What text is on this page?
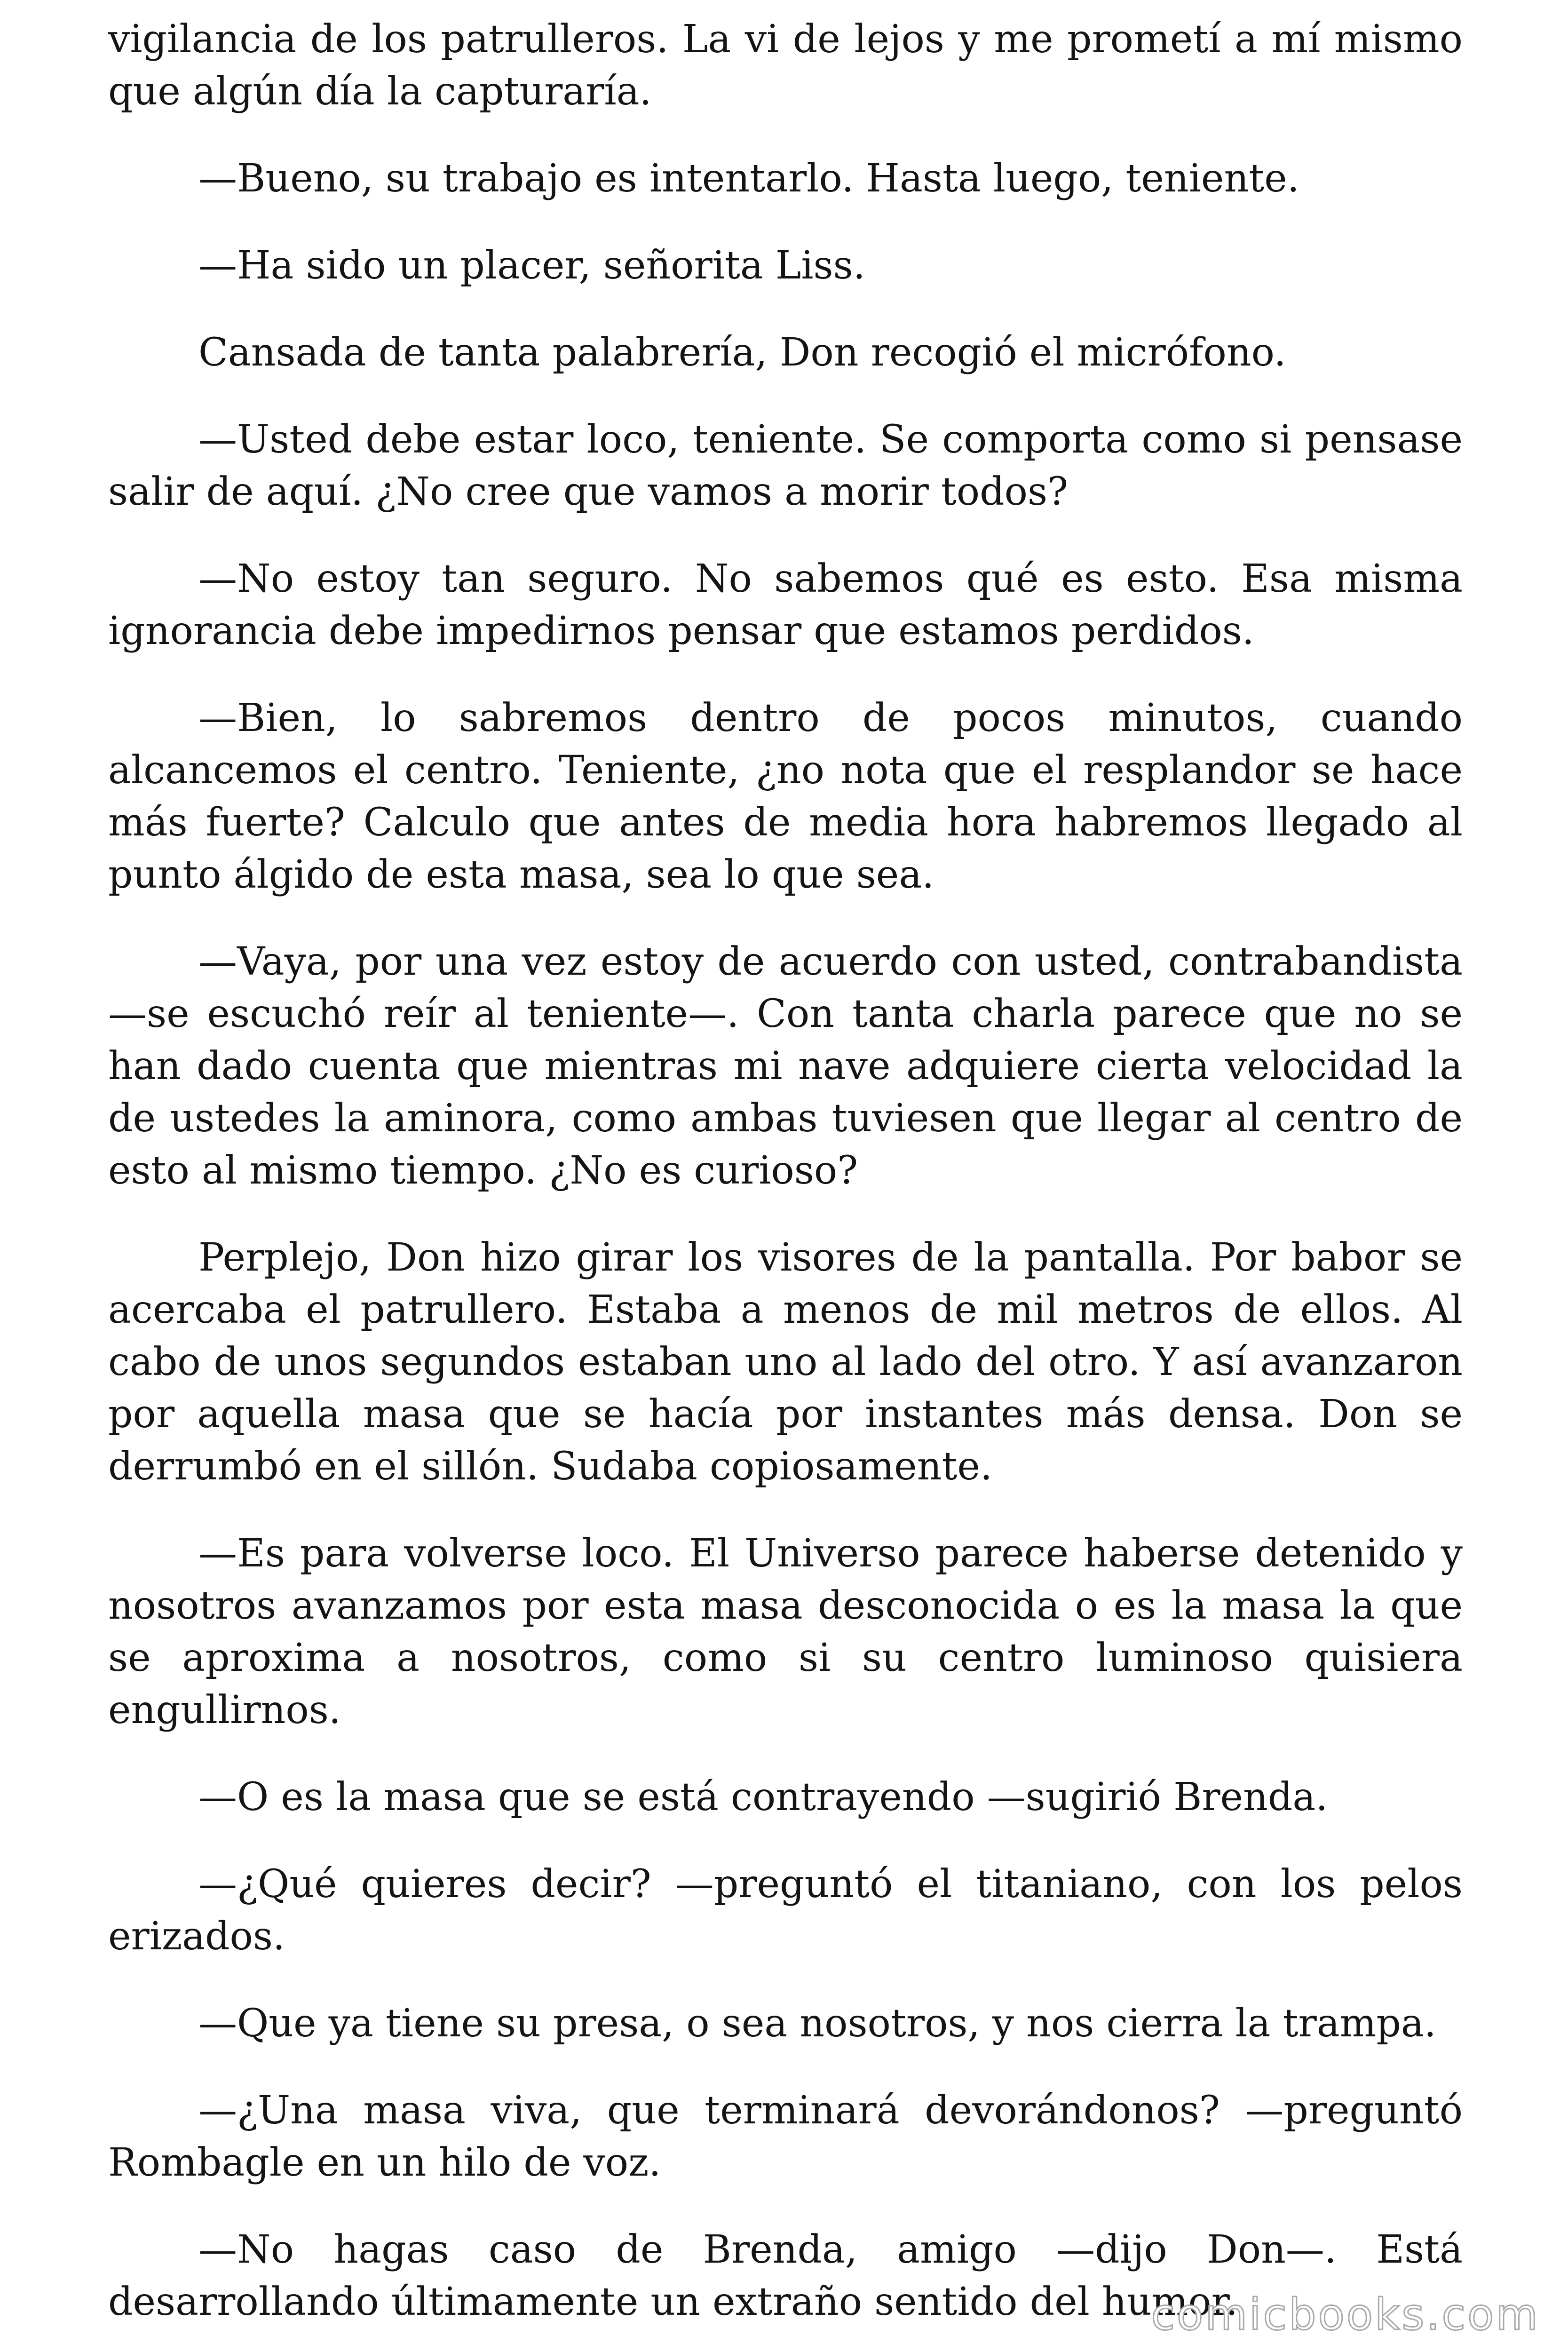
vigilancia de los patrulleros. La vi de lejos y me prometí a mí mismo que algún día la capturaría.

—Bueno, su trabajo es intentarlo. Hasta luego, teniente.

—Ha sido un placer, señorita Liss.

Cansada de tanta palabrería, Don recogió el micrófono.

—Usted debe estar loco, teniente. Se comporta como si pensase salir de aquí. ¿No cree que vamos a morir todos?

—No estoy tan seguro. No sabemos qué es esto. Esa misma ignorancia debe impedirnos pensar que estamos perdidos.

—Bien, lo sabremos dentro de pocos minutos, cuando alcancemos el centro. Teniente, ¿no nota que el resplandor se hace más fuerte? Calculo que antes de media hora habremos llegado al punto álgido de esta masa, sea lo que sea.

—Vaya, por una vez estoy de acuerdo con usted, contrabandista —se escuchó reír al teniente—. Con tanta charla parece que no se han dado cuenta que mientras mi nave adquiere cierta velocidad la de ustedes la aminora, como ambas tuviesen que llegar al centro de esto al mismo tiempo. ¿No es curioso?

Perplejo, Don hizo girar los visores de la pantalla. Por babor se acercaba el patrullero. Estaba a menos de mil metros de ellos. Al cabo de unos segundos estaban uno al lado del otro. Y así avanzaron por aquella masa que se hacía por instantes más densa. Don se derrumbó en el sillón. Sudaba copiosamente.

—Es para volverse loco. El Universo parece haberse detenido y nosotros avanzamos por esta masa desconocida o es la masa la que se aproxima a nosotros, como si su centro luminoso quisiera engullirnos.

—O es la masa que se está contrayendo —sugirió Brenda.

—¿Qué quieres decir? —preguntó el titaniano, con los pelos erizados.

—Que ya tiene su presa, o sea nosotros, y nos cierra la trampa.

—¿Una masa viva, que terminará devorándonos? —preguntó Rombagle en un hilo de voz.

—No hagas caso de Brenda, amigo —dijo Don—. Está desarrollando últimamente un extraño sentido del humor.

comicbooks.com
